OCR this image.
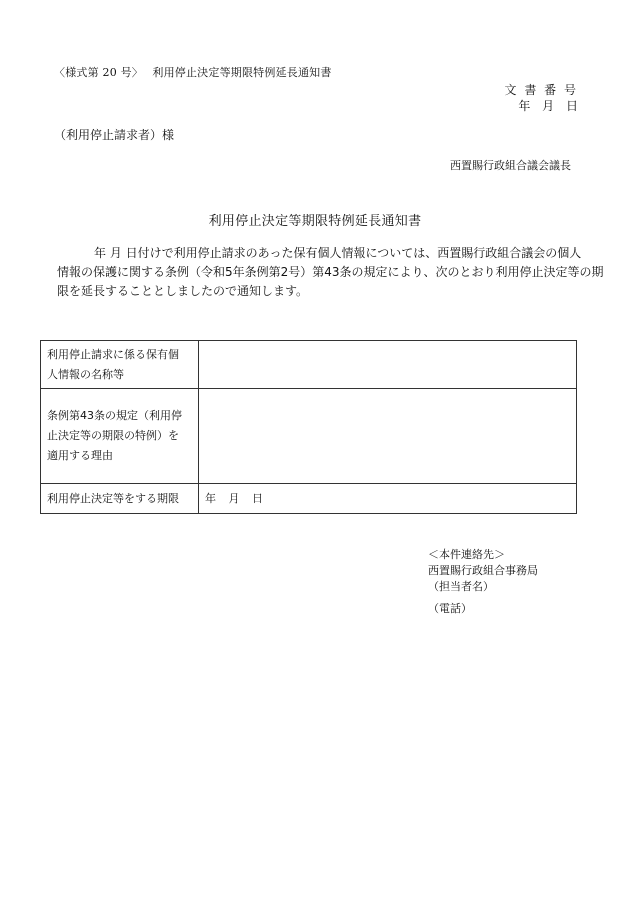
〈様式第 20 号〉　 利用停止決定等期限特例延長通知書
文 書 番 号
年 月 日
（利用停止請求者）様
西置賜行政組合議会議長
利用停止決定等期限特例延長通知書
年 月 日付けで利用停止請求のあった保有個人情報については、西置賜行政組合議会の個人
情報の保護に関する条例（令和5年条例第2号）第43条の規定により、次のとおり利用停止決定等の期
限を延長することとしましたので通知します。
利用停止請求に係る保有個
人情報の名称等	

条例第43条の規定（利用停
止決定等の期限の特例）を
適用する理由	

利用停止決定等をする期限	年 月 日
＜本件連絡先＞
西置賜行政組合事務局
（担当者名）
（電話）
